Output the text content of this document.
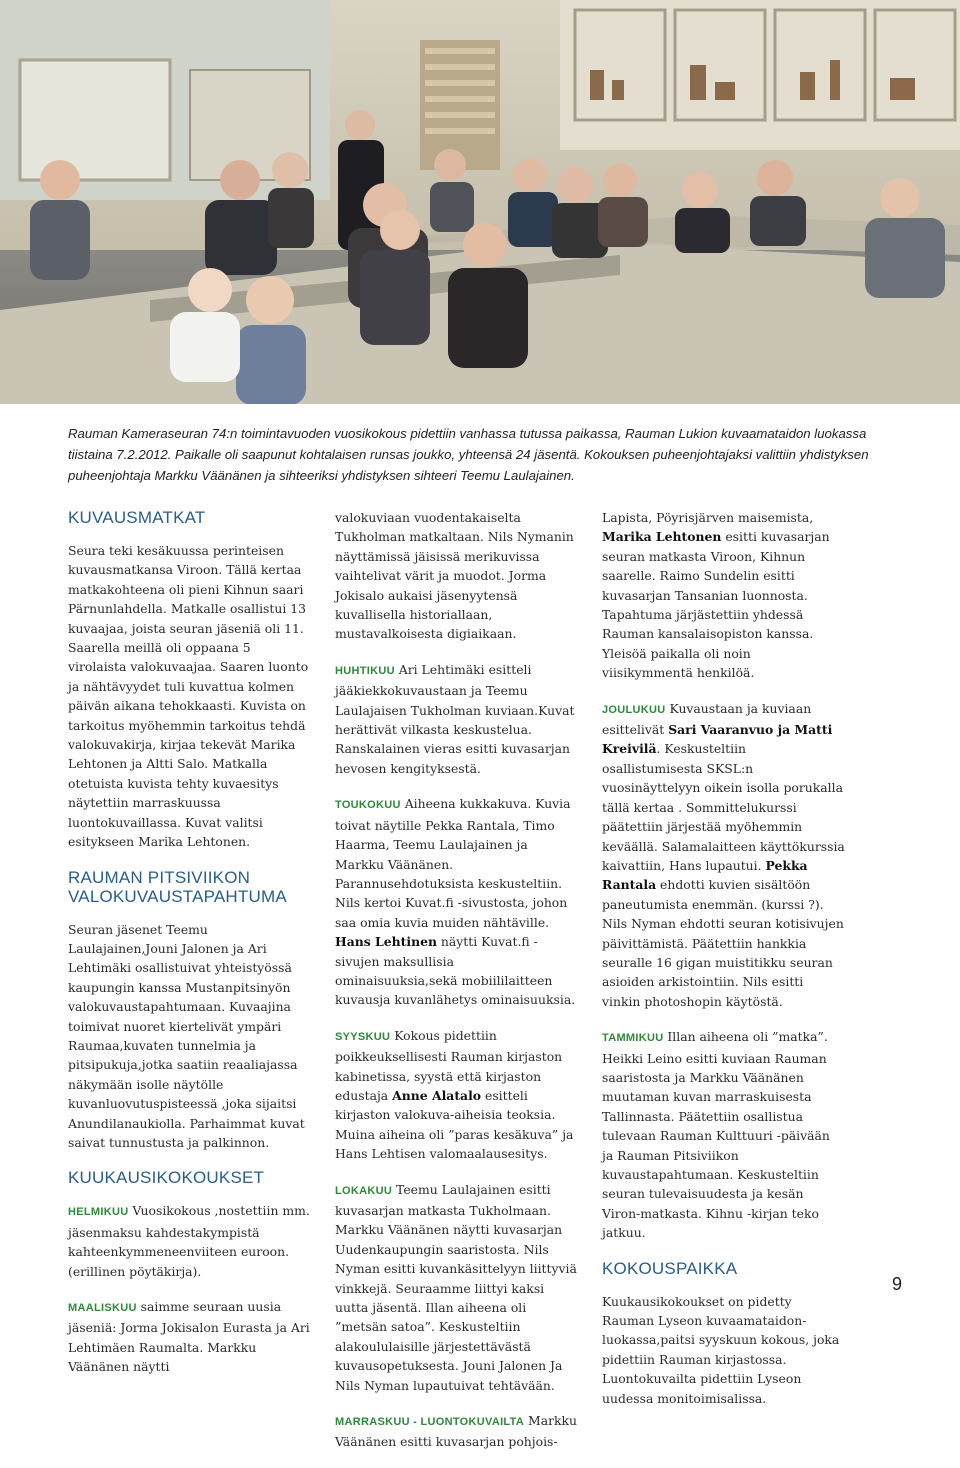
Rauman Kameraseuran 74:n toimintavuoden vuosikokous pidettiin vanhassa tutussa paikassa, Rauman Lukion kuvaamataidon luokassa tiistaina 7.2.2012. Paikalle oli saapunut kohtalaisen runsas joukko, yhteensä 24 jäsentä. Kokouksen puheenjohtajaksi valittiin yhdistyksen puheenjohtaja Markku Väänänen ja sihteeriksi yhdistyksen sihteeri Teemu Laulajainen.

KUVAUSMATKAT

Seura teki kesäkuussa perinteisen kuvausmatkansa Viroon. Tällä kertaa matkakohteena oli pieni Kihnun saari Pärnunlahdella. Matkalle osallistui 13 kuvaajaa, joista seuran jäseniä oli 11. Saarella meillä oli oppaana 5 virolaista valokuvaajaa. Saaren luonto ja nähtävyydet tuli kuvattua kolmen päivän aikana tehokkaasti. Kuvista on tarkoitus myöhemmin tarkoitus tehdä valokuvakirja, kirjaa tekevät Marika Lehtonen ja Altti Salo. Matkalla otetuista kuvista tehty kuvaesitys näytettiin marraskuussa luontokuvaillassa. Kuvat valitsi esitykseen Marika Lehtonen.

RAUMAN PITSIVIIKON VALOKUVAUSTAPAHTUMA

Seuran jäsenet Teemu Laulajainen,Jouni Jalonen ja Ari Lehtimäki osallistuivat yhteistyössä kaupungin kanssa Mustanpitsinyön valokuvaustapahtumaan. Kuvaajina toimivat nuoret kiertelivät ympäri Raumaa,kuvaten tunnelmia ja pitsipukuja,jotka saatiin reaaliajassa näkymään isolle näytölle kuvanluovutuspisteessä ,joka sijaitsi Anundilanaukiolla. Parhaimmat kuvat saivat tunnustusta ja palkinnon.

KUUKAUSIKOKOUKSET

HELMIKUU Vuosikokous ,nostettiin mm. jäsenmaksu kahdestakympistä kahteenkymmeneenviiteen euroon.(erillinen pöytäkirja).

MAALISKUU saimme seuraan uusia jäseniä: Jorma Jokisalon Eurasta ja Ari Lehtimäen Raumalta. Markku Väänänen näytti

valokuviaan vuodentakaiselta Tukholman matkaltaan. Nils Nymanin näyttämissä jäisissä merikuvissa vaihtelivat värit ja muodot. Jorma Jokisalo aukaisi jäsenyytensä kuvallisella historiallaan, mustavalkoisesta digiaikaan.

HUHTIKUU Ari Lehtimäki esitteli jääkiekkokuvaustaan ja Teemu Laulajaisen Tukholman kuviaan.Kuvat herättivät vilkasta keskustelua. Ranskalainen vieras esitti kuvasarjan hevosen kengityksestä.

TOUKOKUU Aiheena kukkakuva. Kuvia toivat näytille Pekka Rantala, Timo Haarma, Teemu Laulajainen ja Markku Väänänen. Parannusehdotuksista keskusteltiin. Nils kertoi Kuvat.fi -sivustosta, johon saa omia kuvia muiden nähtäville. Hans Lehtinen näytti Kuvat.fi -sivujen maksullisia ominaisuuksia,sekä mobiililaitteen kuvausja kuvanlähetys ominaisuuksia.

SYYSKUU Kokous pidettiin poikkeuksellisesti Rauman kirjaston kabinetissa, syystä että kirjaston edustaja Anne Alatalo esitteli kirjaston valokuva-aiheisia teoksia. Muina aiheina oli ”paras kesäkuva” ja Hans Lehtisen valomaalausesitys.

LOKAKUU Teemu Laulajainen esitti kuvasarjan matkasta Tukholmaan. Markku Väänänen näytti kuvasarjan Uudenkaupungin saaristosta. Nils Nyman esitti kuvankäsittelyyn liittyviä vinkkejä. Seuraamme liittyi kaksi uutta jäsentä. Illan aiheena oli ”metsän satoa”. Keskusteltiin alakoululaisille järjestettävästä kuvausopetuksesta. Jouni Jalonen Ja Nils Nyman lupautuivat tehtävään.

MARRASKUU - LUONTOKUVAILTA Markku Väänänen esitti kuvasarjan pohjois-

Lapista, Pöyrisjärven maisemista, Marika Lehtonen esitti kuvasarjan seuran matkasta Viroon, Kihnun saarelle. Raimo Sundelin esitti kuvasarjan Tansanian luonnosta. Tapahtuma järjästettiin yhdessä Rauman kansalaisopiston kanssa. Yleisöä paikalla oli noin viisikymmentä henkilöä.

JOULUKUU Kuvaustaan ja kuviaan esittelivät Sari Vaaranvuo ja Matti Kreivilä. Keskusteltiin osallistumisesta SKSL:n vuosinäyttelyyn oikein isolla porukalla tällä kertaa . Sommittelukurssi päätettiin järjestää myöhemmin keväällä. Salamalaitteen käyttökurssia kaivattiin, Hans lupautui. Pekka Rantala ehdotti kuvien sisältöön paneutumista enemmän. (kurssi ?). Nils Nyman ehdotti seuran kotisivujen päivittämistä. Päätettiin hankkia seuralle 16 gigan muistitikku seuran asioiden arkistointiin. Nils esitti vinkin photoshopin käytöstä.

TAMMIKUU Illan aiheena oli ”matka”. Heikki Leino esitti kuviaan Rauman saaristosta ja Markku Väänänen muutaman kuvan marraskuisesta Tallinnasta. Päätettiin osallistua tulevaan Rauman Kulttuuri -päivään ja Rauman Pitsiviikon kuvaustapahtumaan. Keskusteltiin seuran tulevaisuudesta ja kesän Viron-matkasta. Kihnu -kirjan teko jatkuu.

KOKOUSPAIKKA

Kuukausikokoukset on pidetty Rauman Lyseon kuvaamataidon-luokassa,paitsi syyskuun kokous, joka pidettiin Rauman kirjastossa. Luontokuvailta pidettiin Lyseon uudessa monitoimisalissa.

9
